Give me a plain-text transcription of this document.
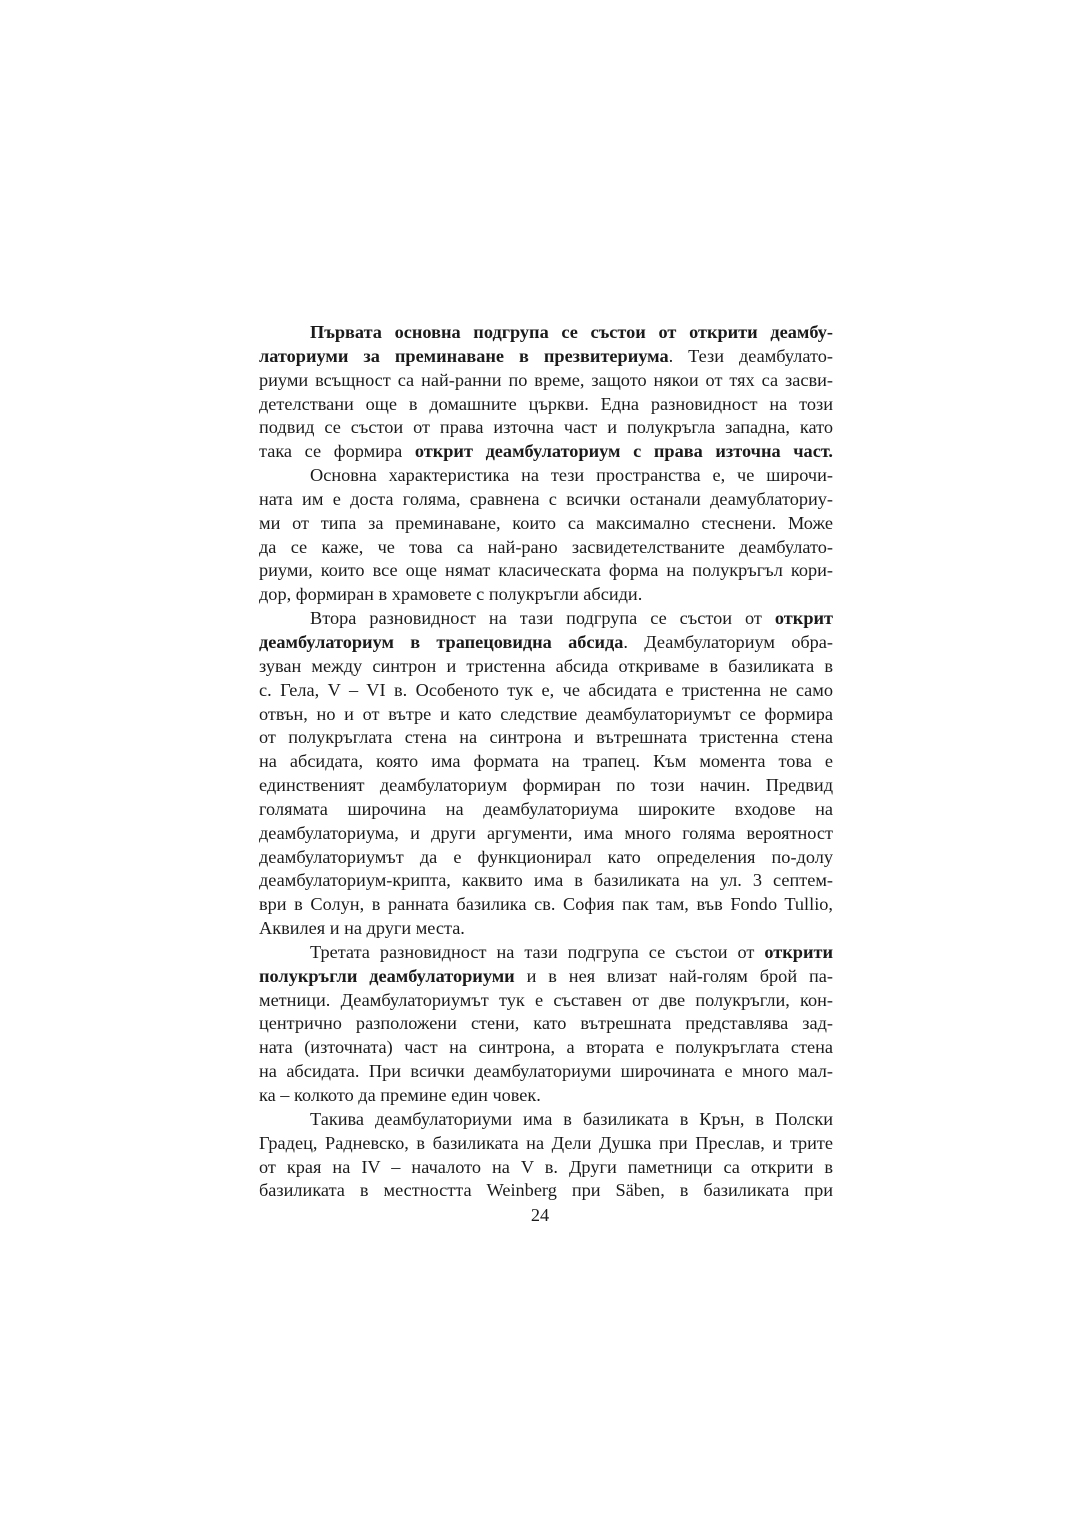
Първата основна подгрупа се състои от открити деамбу-
латориуми за преминаване в презвитериума. Тези деамбулато-
риуми всъщност са най-ранни по време, защото някои от тях са засви-
детелствани още в домашните църкви. Една разновидност на този
подвид се състои от права източна част и полукръгла западна, като
така се формира открит деамбулаториум с права източна част.
Основна характеристика на тези пространства е, че широчи-
ната им е доста голяма, сравнена с всички останали деамублаториу-
ми от типа за преминаване, които са максимално стеснени. Може
да се каже, че това са най-рано засвидетелстваните деамбулато-
риуми, които все още нямат класическата форма на полукръгъл кори-
дор, формиран в храмовете с полукръгли абсиди.
Втора разновидност на тази подгрупа се състои от открит
деамбулаториум в трапецовидна абсида. Деамбулаториум обра-
зуван между синтрон и тристенна абсида откриваме в базиликата в
с. Гела, V – VI в. Особеното тук е, че абсидата е тристенна не само
отвън, но и от вътре и като следствие деамбулаториумът се формира
от полукръглата стена на синтрона и вътрешната тристенна стена
на абсидата, която има формата на трапец. Към момента това е
единственият деамбулаториум формиран по този начин. Предвид
голямата широчина на деамбулаториума широките входове на
деамбулаториума, и други аргументи, има много голяма вероятност
деамбулаториумът да е функционирал като определения по-долу
деамбулаториум-крипта, каквито има в базиликата на ул. 3 септем-
ври в Солун, в ранната базилика св. София пак там, във Fondo Tullio,
Аквилея и на други места.
Третата разновидност на тази подгрупа се състои от открити
полукръгли деамбулаториуми и в нея влизат най-голям брой па-
метници. Деамбулаториумът тук е съставен от две полукръгли, кон-
центрично разположени стени, като вътрешната представлява зад-
ната (източната) част на синтрона, а втората е полукръглата стена
на абсидата. При всички деамбулаториуми широчината е много мал-
ка – колкото да премине един човек.
Такива деамбулаториуми има в базиликата в Крън, в Полски
Градец, Радневско, в базиликата на Дели Душка при Преслав, и трите
от края на IV – началото на V в. Други паметници са открити в
базиликата в местността Weinberg при Säben, в базиликата при
24
